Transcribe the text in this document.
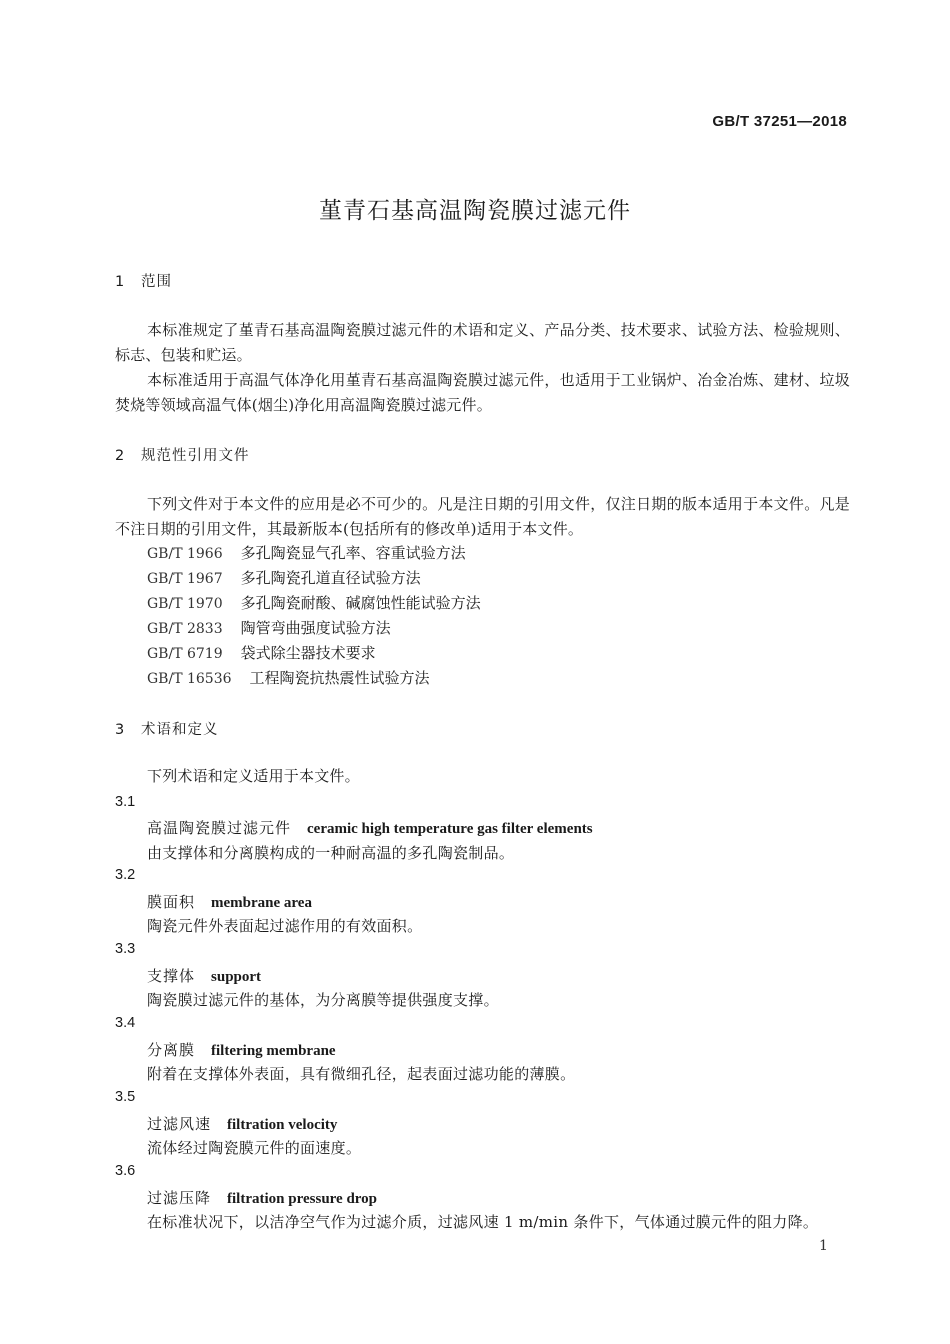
GB/T 37251—2018
堇青石基高温陶瓷膜过滤元件
1 范围

本标准规定了堇青石基高温陶瓷膜过滤元件的术语和定义、产品分类、技术要求、试验方法、检验规则、标志、包装和贮运。

本标准适用于高温气体净化用堇青石基高温陶瓷膜过滤元件，也适用于工业锅炉、冶金冶炼、建材、垃圾焚烧等领域高温气体(烟尘)净化用高温陶瓷膜过滤元件。

2 规范性引用文件

下列文件对于本文件的应用是必不可少的。凡是注日期的引用文件，仅注日期的版本适用于本文件。凡是不注日期的引用文件，其最新版本(包括所有的修改单)适用于本文件。

GB/T 1966 多孔陶瓷显气孔率、容重试验方法
GB/T 1967 多孔陶瓷孔道直径试验方法
GB/T 1970 多孔陶瓷耐酸、碱腐蚀性能试验方法
GB/T 2833 陶管弯曲强度试验方法
GB/T 6719 袋式除尘器技术要求
GB/T 16536 工程陶瓷抗热震性试验方法
3 术语和定义

下列术语和定义适用于本文件。

3.1
高温陶瓷膜过滤元件 ceramic high temperature gas filter elements
由支撑体和分离膜构成的一种耐高温的多孔陶瓷制品。
3.2
膜面积 membrane area
陶瓷元件外表面起过滤作用的有效面积。
3.3
支撑体 support
陶瓷膜过滤元件的基体，为分离膜等提供强度支撑。
3.4
分离膜 filtering membrane
附着在支撑体外表面，具有微细孔径，起表面过滤功能的薄膜。
3.5
过滤风速 filtration velocity
流体经过陶瓷膜元件的面速度。
3.6
过滤压降 filtration pressure drop
在标准状况下，以洁净空气作为过滤介质，过滤风速 1 m/min 条件下，气体通过膜元件的阻力降。
1
